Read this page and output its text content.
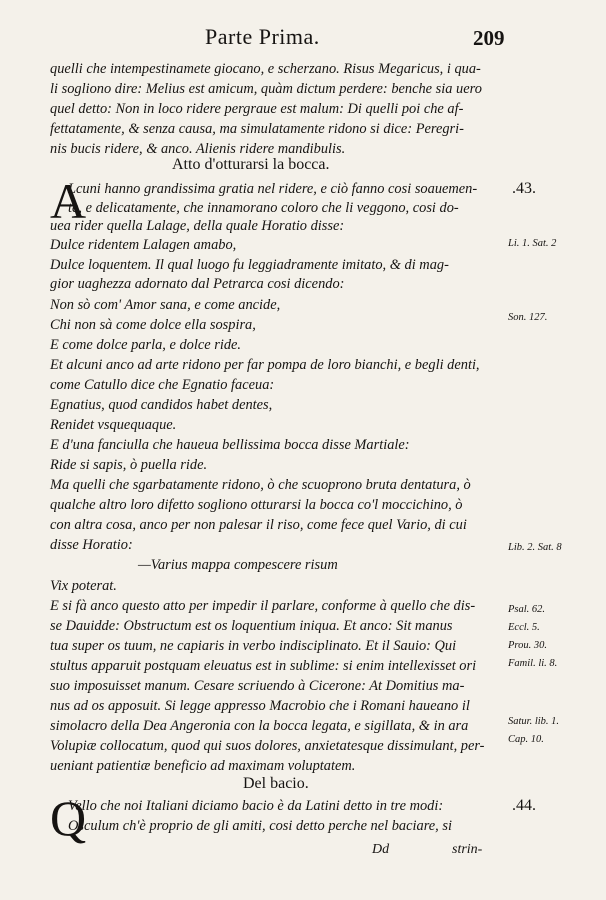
Parte Prima.	209
quelli che intempestinamete giocano, e scherzano. Risus Megaricus, i qua-
li sogliono dire: Melius est amicum, quàm dictum perdere: benche sia uero
quel detto: Non in loco ridere pergraue est malum: Di quelli poi che af-
fettatamente, & senza causa, ma simulatamente ridono si dice: Peregri-
nis bucis ridere, & anco. Alienis ridere mandibulis.
Atto d'otturarsi la bocca.
A
Lcuni hanno grandissima gratia nel ridere, e ciò fanno cosi soauemen-
te, e delicatamente, che innamorano coloro che li veggono, cosi do-
uea rider quella Lalage, della quale Horatio disse:
Dulce ridentem Lalagen amabo,
Dulce loquentem. Il qual luogo fu leggiadramente imitato, & di mag-
gior uaghezza adornato dal Petrarca cosi dicendo:
Non sò com' Amor sana, e come ancide,
Chi non sà come dolce ella sospira,
E come dolce parla, e dolce ride.
Et alcuni anco ad arte ridono per far pompa de loro bianchi, e begli denti,
come Catullo dice che Egnatio faceua:
Egnatius, quod candidos habet dentes,
Renidet vsquequaque.
E d'una fanciulla che haueua bellissima bocca disse Martiale:
Ride si sapis, ò puella ride.
Ma quelli che sgarbatamente ridono, ò che scuoprono bruta dentatura, ò
qualche altro loro difetto sogliono otturarsi la bocca co'l moccichino, ò
con altra cosa, anco per non palesar il riso, come fece quel Vario, di cui
disse Horatio:
—Varius mappa compescere risum
Vix poterat.
E si fà anco questo atto per impedir il parlare, conforme à quello che dis-
se Dauidde: Obstructum est os loquentium iniqua. Et anco: Sit manus
tua super os tuum, ne capiaris in verbo indisciplinato. Et il Sauio: Qui
stultus apparuit postquam eleuatus est in sublime: si enim intellexisset ori
suo imposuisset manum. Cesare scriuendo à Cicerone: At Domitius ma-
nus ad os apposuit. Si legge appresso Macrobio che i Romani haueano il
simolacro della Dea Angeronia con la bocca legata, e sigillata, & in ara
Volupiæ collocatum, quod qui suos dolores, anxietatesque dissimulant, per-
ueniant patientiæ beneficio ad maximam voluptatem.
Del bacio.
Q
Vello che noi Italiani diciamo bacio è da Latini detto in tre modi:
Osculum ch'è proprio de gli amiti, cosi detto perche nel baciare, si
Dd	strin-
.43.
.44.
Li. 1. Sat. 2
Son. 127.
Lib. 2. Sat. 8
Psal. 62.
Eccl. 5.
Prou. 30.
Famil. li. 8.
Satur. lib. 1.
Cap. 10.
